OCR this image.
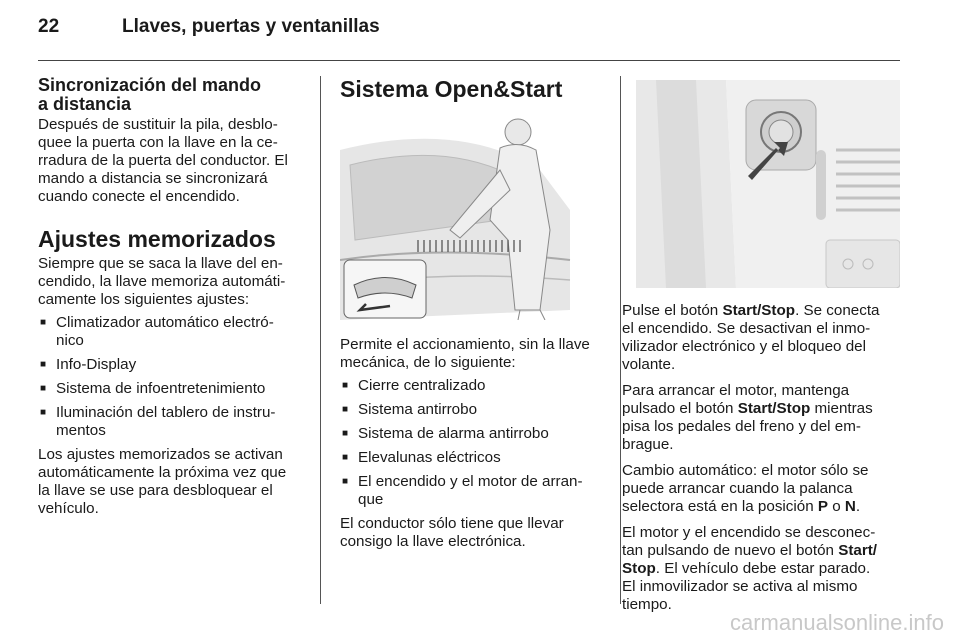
22	Llaves, puertas y ventanillas
Sincronización del mando
a distancia

Después de sustituir la pila, desblo-
quee la puerta con la llave en la ce-
rradura de la puerta del conductor. El
mando a distancia se sincronizará
cuando conecte el encendido.

Ajustes memorizados

Siempre que se saca la llave del en-
cendido, la llave memoriza automáti-
camente los siguientes ajustes:

■ Climatizador automático electró-
nico
■ Info-Display
■ Sistema de infoentretenimiento
■ Iluminación del tablero de instru-
mentos

Los ajustes memorizados se activan
automáticamente la próxima vez que
la llave se use para desbloquear el
vehículo.

Sistema Open&Start

Permite el accionamiento, sin la llave
mecánica, de lo siguiente:

■ Cierre centralizado
■ Sistema antirrobo
■ Sistema de alarma antirrobo
■ Elevalunas eléctricos
■ El encendido y el motor de arran-
que

El conductor sólo tiene que llevar
consigo la llave electrónica.

Pulse el botón Start/Stop. Se conecta
el encendido. Se desactivan el inmo-
vilizador electrónico y el bloqueo del
volante.

Para arrancar el motor, mantenga
pulsado el botón Start/Stop mientras
pisa los pedales del freno y del em-
brague.

Cambio automático: el motor sólo se
puede arrancar cuando la palanca
selectora está en la posición P o N.

El motor y el encendido se desconec-
tan pulsando de nuevo el botón Start/
Stop. El vehículo debe estar parado.
El inmovilizador se activa al mismo
tiempo.

carmanualsonline.info
